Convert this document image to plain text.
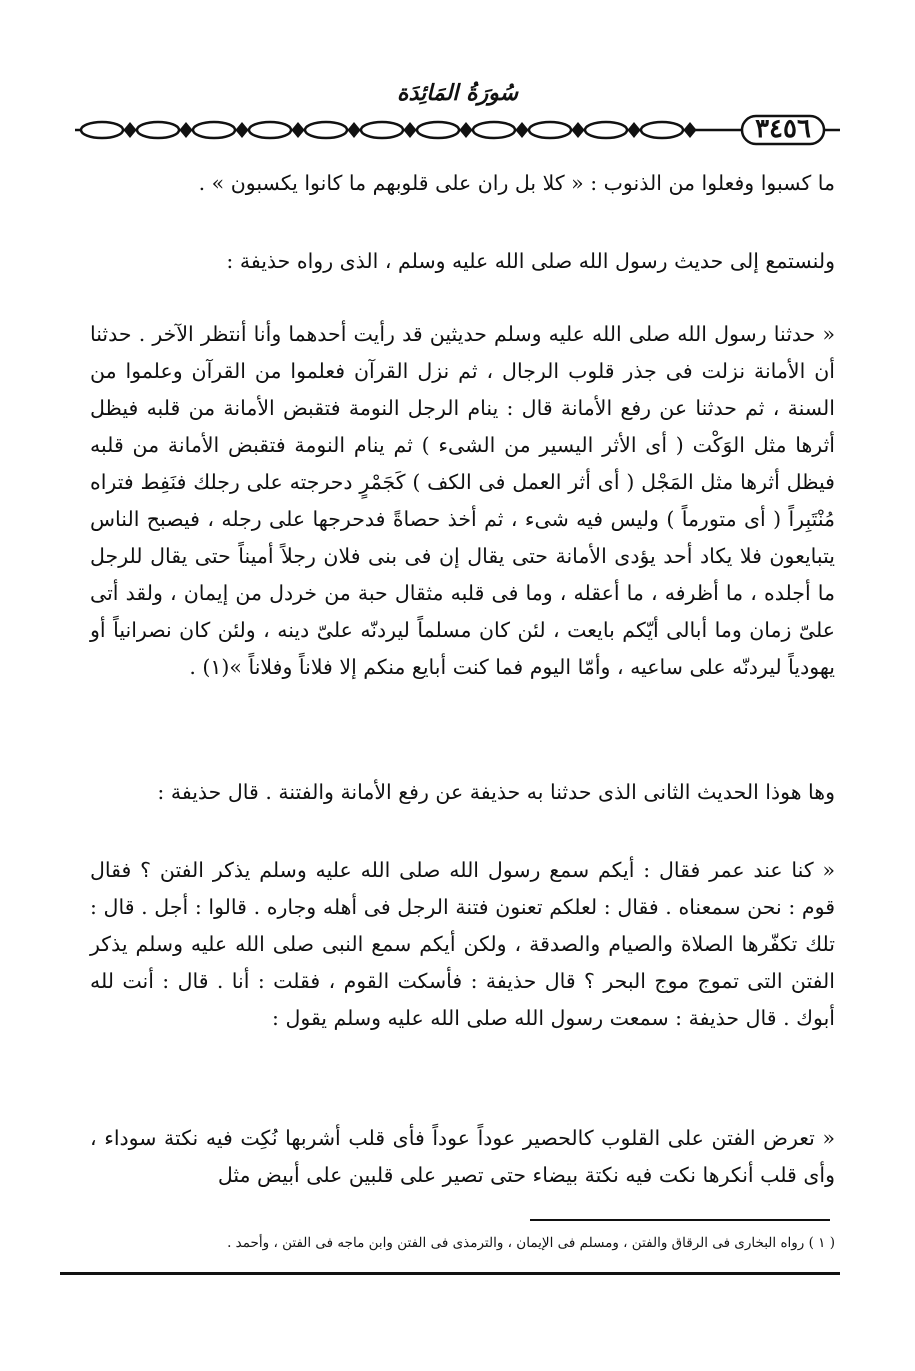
سُورَةُ المَائِدَة
٣٤٥٦

ما كسبوا وفعلوا من الذنوب : « كلا بل ران على قلوبهم ما كانوا يكسبون » .

ولنستمع إلى حديث رسول الله صلى الله عليه وسلم ، الذى رواه حذيفة :

« حدثنا رسول الله صلى الله عليه وسلم حديثين قد رأيت أحدهما وأنا أنتظر الآخر . حدثنا أن الأمانة نزلت فى جذر قلوب الرجال ، ثم نزل القرآن فعلموا من القرآن وعلموا من السنة ، ثم حدثنا عن رفع الأمانة قال : ينام الرجل النومة فتقبض الأمانة من قلبه فيظل أثرها مثل الوَكْت ( أى الأثر اليسير من الشىء ) ثم ينام النومة فتقبض الأمانة من قلبه فيظل أثرها مثل المَجْل ( أى أثر العمل فى الكف ) كَجَمْرٍ دحرجته على رجلك فنَفِط فتراه مُنْتَبِراً ( أى متورماً ) وليس فيه شىء ، ثم أخذ حصاةً فدحرجها على رجله ، فيصبح الناس يتبايعون فلا يكاد أحد يؤدى الأمانة حتى يقال إن فى بنى فلان رجلاً أميناً حتى يقال للرجل ما أجلده ، ما أظرفه ، ما أعقله ، وما فى قلبه مثقال حبة من خردل من إيمان ، ولقد أتى علىّ زمان وما أبالى أيّكم بايعت ، لئن كان مسلماً ليردنّه علىّ دينه ، ولئن كان نصرانياً أو يهودياً ليردنّه على ساعيه ، وأمّا اليوم فما كنت أبايع منكم إلا فلاناً وفلاناً »(١) .

وها هوذا الحديث الثانى الذى حدثنا به حذيفة عن رفع الأمانة والفتنة . قال حذيفة :

« كنا عند عمر فقال : أيكم سمع رسول الله صلى الله عليه وسلم يذكر الفتن ؟ فقال قوم : نحن سمعناه . فقال : لعلكم تعنون فتنة الرجل فى أهله وجاره . قالوا : أجل . قال : تلك تكفّرها الصلاة والصيام والصدقة ، ولكن أيكم سمع النبى صلى الله عليه وسلم يذكر الفتن التى تموج موج البحر ؟ قال حذيفة : فأسكت القوم ، فقلت : أنا . قال : أنت لله أبوك . قال حذيفة : سمعت رسول الله صلى الله عليه وسلم يقول :

« تعرض الفتن على القلوب كالحصير عوداً عوداً فأى قلب أشربها نُكِت فيه نكتة سوداء ، وأى قلب أنكرها نكت فيه نكتة بيضاء حتى تصير على قلبين على أبيض مثل

( ١ ) رواه البخارى فى الرقاق والفتن ، ومسلم فى الإيمان ، والترمذى فى الفتن وابن ماجه فى الفتن ، وأحمد .
